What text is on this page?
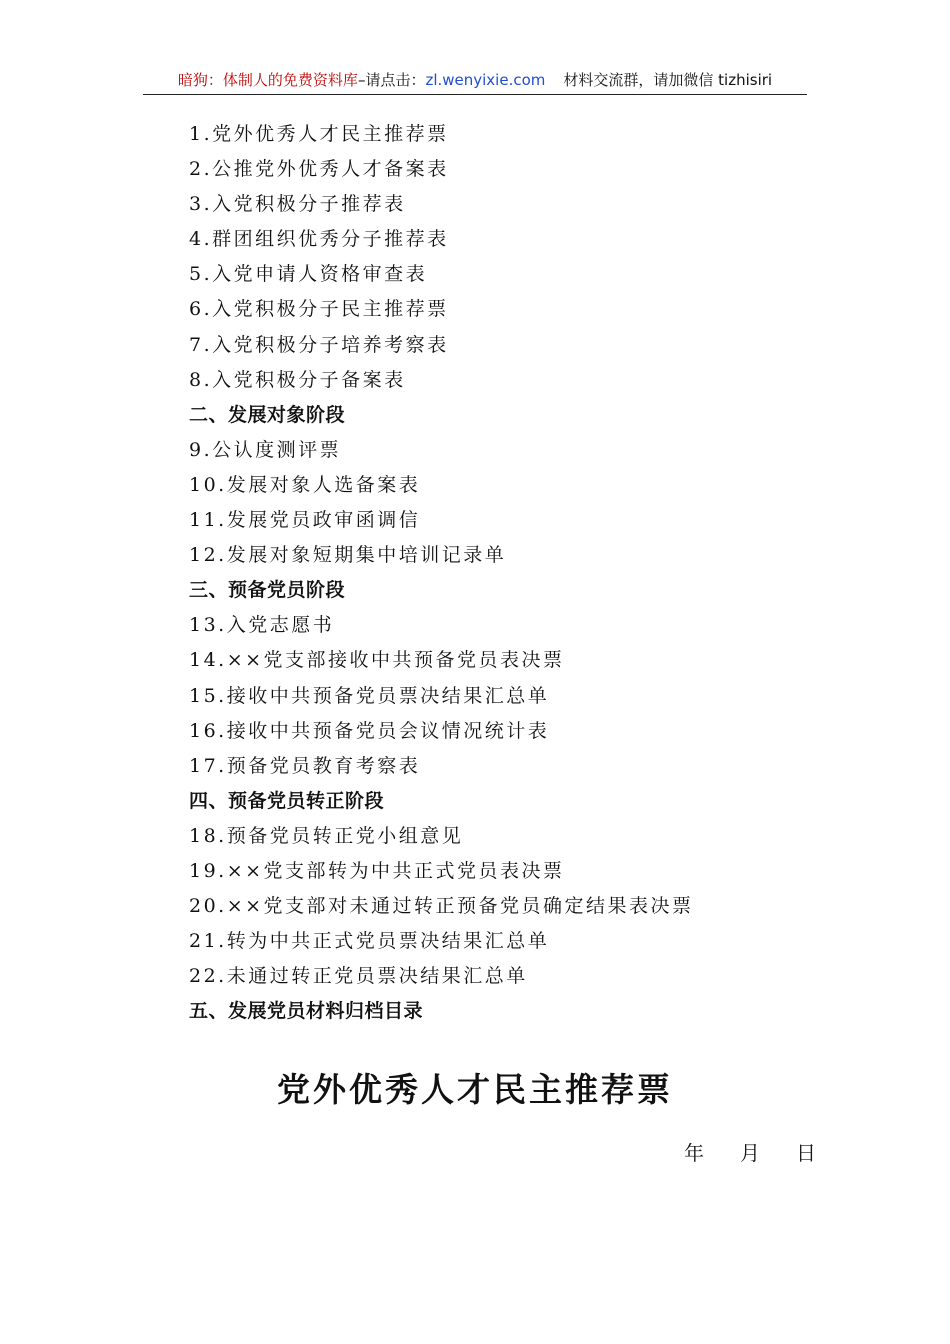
暗狗：体制人的免费资料库–请点击：zl.wenyixie.com 材料交流群，请加微信 tizhisiri
1.党外优秀人才民主推荐票
2.公推党外优秀人才备案表
3.入党积极分子推荐表
4.群团组织优秀分子推荐表
5.入党申请人资格审查表
6.入党积极分子民主推荐票
7.入党积极分子培养考察表
8.入党积极分子备案表
二、发展对象阶段
9.公认度测评票
10.发展对象人选备案表
11.发展党员政审函调信
12.发展对象短期集中培训记录单
三、预备党员阶段
13.入党志愿书
14.××党支部接收中共预备党员表决票
15.接收中共预备党员票决结果汇总单
16.接收中共预备党员会议情况统计表
17.预备党员教育考察表
四、预备党员转正阶段
18.预备党员转正党小组意见
19.××党支部转为中共正式党员表决票
20.××党支部对未通过转正预备党员确定结果表决票
21.转为中共正式党员票决结果汇总单
22.未通过转正党员票决结果汇总单
五、发展党员材料归档目录
党外优秀人才民主推荐票
年 月 日
